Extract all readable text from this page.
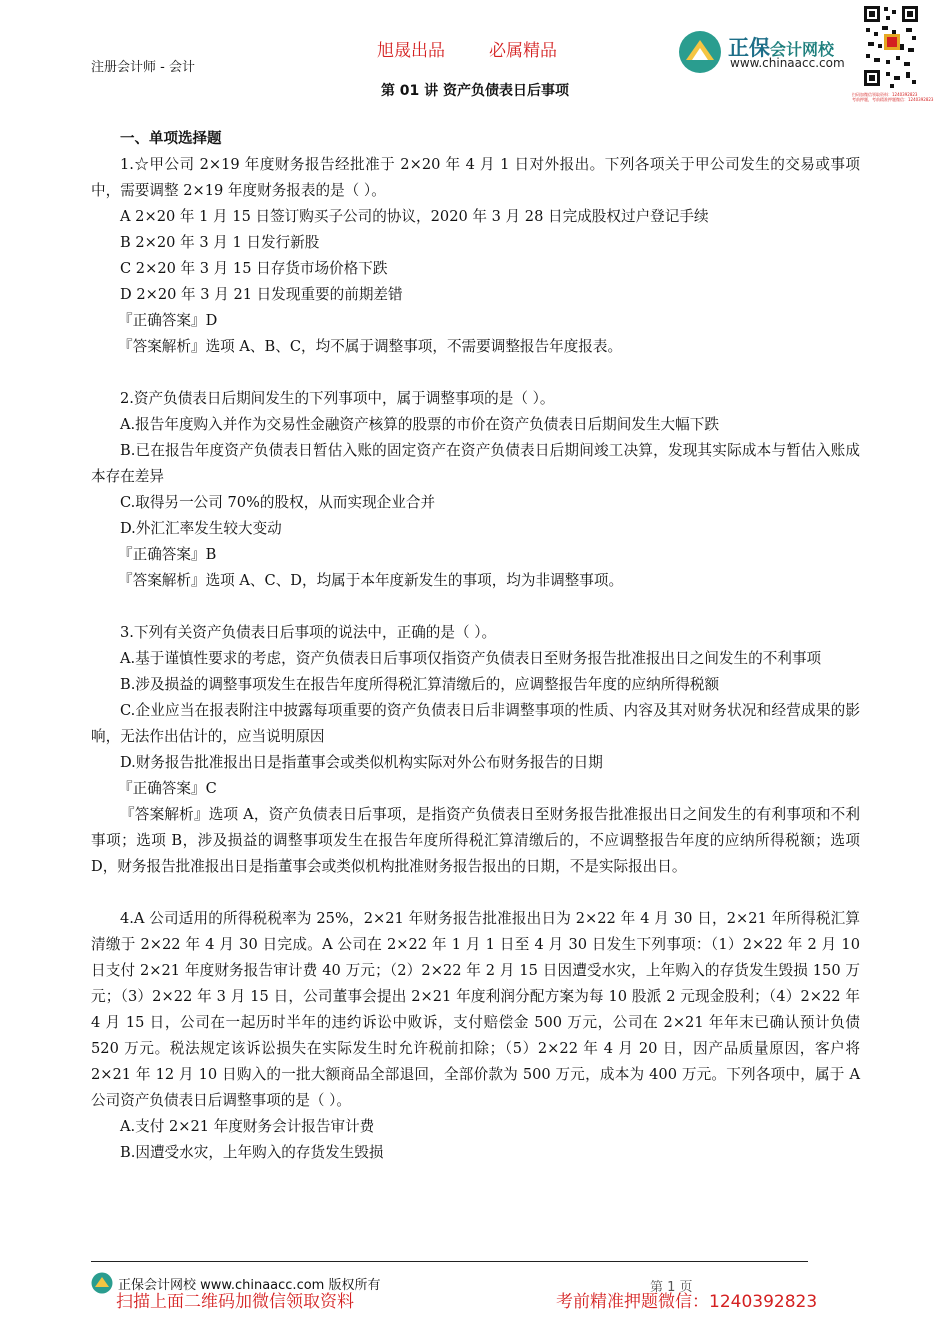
注册会计师 - 会计
旭晟出品	必属精品	正保会计网校
www.chinaacc.com
扫码加微信领取资料：1240392823
考前押题，考前精准押题微信：1240392823
第 01 讲 资产负债表日后事项
一、单项选择题

1.☆甲公司 2×19 年度财务报告经批准于 2×20 年 4 月 1 日对外报出。下列各项关于甲公司发生的交易或事项中，需要调整 2×19 年度财务报表的是（ ）。

A 2×20 年 1 月 15 日签订购买子公司的协议，2020 年 3 月 28 日完成股权过户登记手续
B 2×20 年 3 月 1 日发行新股
C 2×20 年 3 月 15 日存货市场价格下跌
D 2×20 年 3 月 21 日发现重要的前期差错
『正确答案』D
『答案解析』选项 A、B、C，均不属于调整事项，不需要调整报告年度报表。

2.资产负债表日后期间发生的下列事项中，属于调整事项的是（ ）。

A.报告年度购入并作为交易性金融资产核算的股票的市价在资产负债表日后期间发生大幅下跌

B.已在报告年度资产负债表日暂估入账的固定资产在资产负债表日后期间竣工决算，发现其实际成本与暂估入账成本存在差异

C.取得另一公司 70%的股权，从而实现企业合并
D.外汇汇率发生较大变动
『正确答案』B
『答案解析』选项 A、C、D，均属于本年度新发生的事项，均为非调整事项。

3.下列有关资产负债表日后事项的说法中，正确的是（ ）。

A.基于谨慎性要求的考虑，资产负债表日后事项仅指资产负债表日至财务报告批准报出日之间发生的不利事项

B.涉及损益的调整事项发生在报告年度所得税汇算清缴后的，应调整报告年度的应纳所得税额

C.企业应当在报表附注中披露每项重要的资产负债表日后非调整事项的性质、内容及其对财务状况和经营成果的影响，无法作出估计的，应当说明原因

D.财务报告批准报出日是指董事会或类似机构实际对外公布财务报告的日期
『正确答案』C

『答案解析』选项 A，资产负债表日后事项，是指资产负债表日至财务报告批准报出日之间发生的有利事项和不利事项；选项 B，涉及损益的调整事项发生在报告年度所得税汇算清缴后的，不应调整报告年度的应纳所得税额；选项 D，财务报告批准报出日是指董事会或类似机构批准财务报告报出的日期，不是实际报出日。

4.A 公司适用的所得税税率为 25%，2×21 年财务报告批准报出日为 2×22 年 4 月 30 日，2×21 年所得税汇算清缴于 2×22 年 4 月 30 日完成。A 公司在 2×22 年 1 月 1 日至 4 月 30 日发生下列事项：（1）2×22 年 2 月 10 日支付 2×21 年度财务报告审计费 40 万元；（2）2×22 年 2 月 15 日因遭受水灾，上年购入的存货发生毁损 150 万元；（3）2×22 年 3 月 15 日，公司董事会提出 2×21 年度利润分配方案为每 10 股派 2 元现金股利；（4）2×22 年 4 月 15 日，公司在一起历时半年的违约诉讼中败诉，支付赔偿金 500 万元，公司在 2×21 年年末已确认预计负债 520 万元。税法规定该诉讼损失在实际发生时允许税前扣除；（5）2×22 年 4 月 20 日，因产品质量原因，客户将 2×21 年 12 月 10 日购入的一批大额商品全部退回，全部价款为 500 万元，成本为 400 万元。下列各项中，属于 A 公司资产负债表日后调整事项的是（ ）。

A.支付 2×21 年度财务会计报告审计费
B.因遭受水灾，上年购入的存货发生毁损
正保会计网校 www.chinaacc.com 版权所有	第 1 页
扫描上面二维码加微信领取资料	考前精准押题微信：1240392823
